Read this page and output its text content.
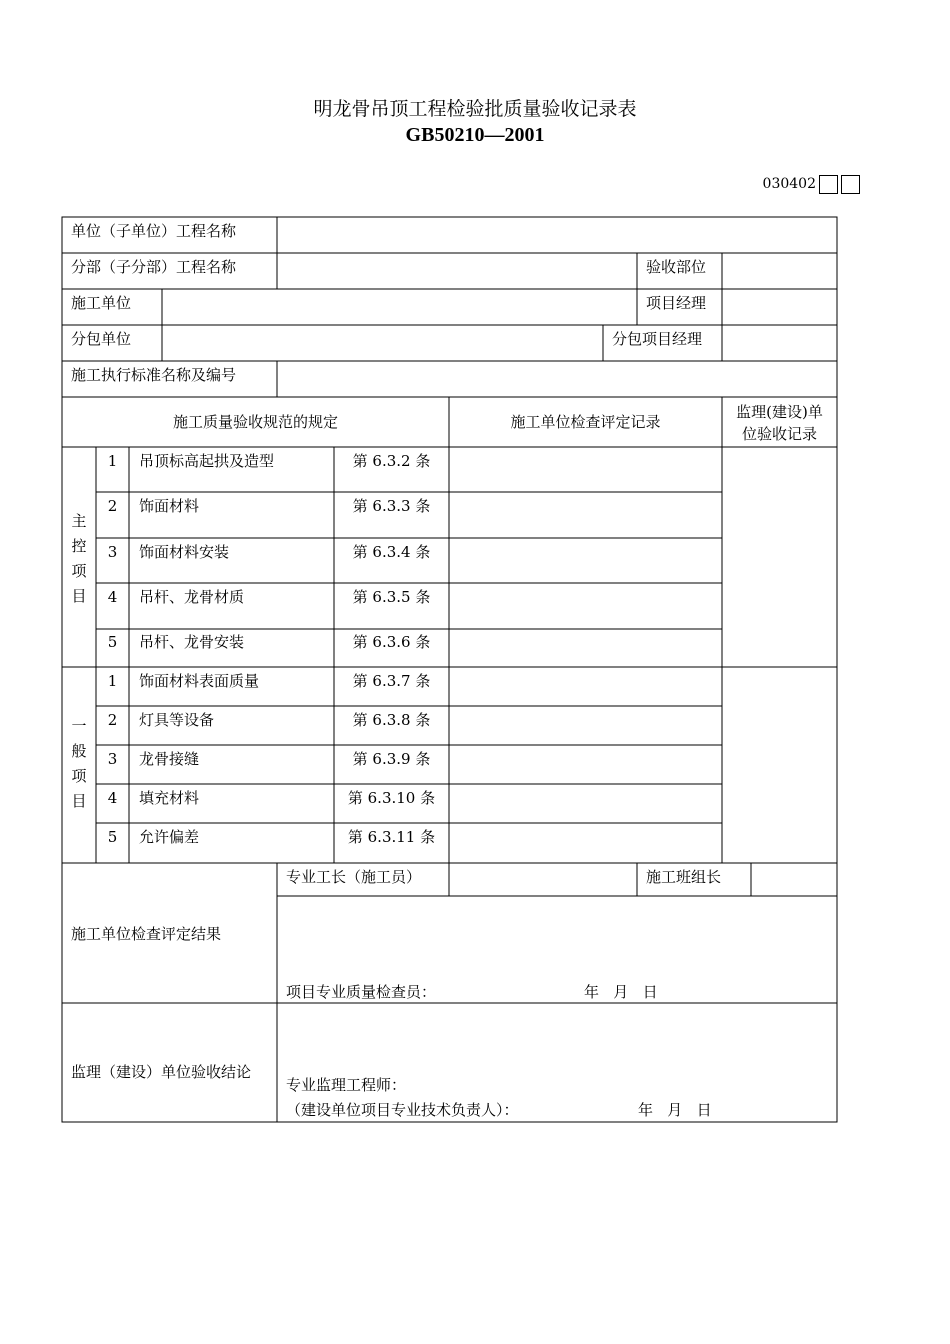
明龙骨吊顶工程检验批质量验收记录表
GB50210—2001
030402
单位（子单位）工程名称
分部（子分部）工程名称	验收部位
施工单位	项目经理
分包单位	分包项目经理
施工执行标准名称及编号
施工质量验收规范的规定	施工单位检查评定记录
监理(建设)单
位验收记录
主控项目
1	吊顶标高起拱及造型	第 6.3.2 条
2	饰面材料	第 6.3.3 条
3	饰面材料安装	第 6.3.4 条
4	吊杆、龙骨材质	第 6.3.5 条
5	吊杆、龙骨安装	第 6.3.6 条
一般项目
1	饰面材料表面质量	第 6.3.7 条
2	灯具等设备	第 6.3.8 条
3	龙骨接缝	第 6.3.9 条
4	填充材料	第 6.3.10 条
5	允许偏差	第 6.3.11 条
专业工长（施工员）	施工班组长
施工单位检查评定结果
项目专业质量检查员：	年   月   日
监理（建设）单位验收结论
专业监理工程师：
（建设单位项目专业技术负责人）：	年   月   日
